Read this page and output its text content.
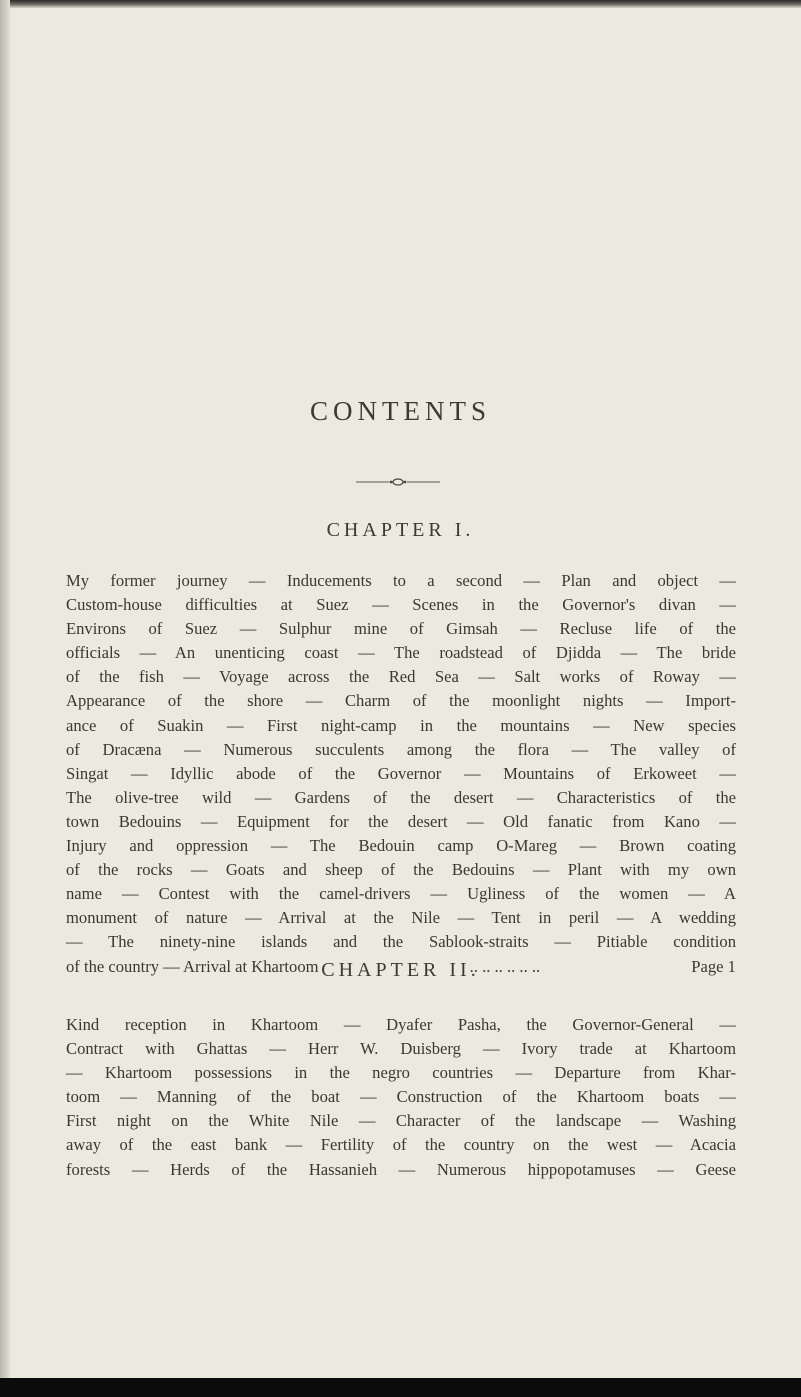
CONTENTS
CHAPTER I.
My former journey — Inducements to a second — Plan and object —
Custom-house difficulties at Suez — Scenes in the Governor's divan —
Environs of Suez — Sulphur mine of Gimsah — Recluse life of the
officials — An unenticing coast — The roadstead of Djidda — The bride
of the fish — Voyage across the Red Sea — Salt works of Roway —
Appearance of the shore — Charm of the moonlight nights — Import-
ance of Suakin — First night-camp in the mountains — New species
of Dracæna — Numerous succulents among the flora — The valley of
Singat — Idyllic abode of the Governor — Mountains of Erkoweet —
The olive-tree wild — Gardens of the desert — Characteristics of the
town Bedouins — Equipment for the desert — Old fanatic from Kano —
Injury and oppression — The Bedouin camp O-Mareg — Brown coating
of the rocks — Goats and sheep of the Bedouins — Plant with my own
name — Contest with the camel-drivers — Ugliness of the women — A
monument of nature — Arrival at the Nile — Tent in peril — A wedding
— The ninety-nine islands and the Sablook-straits — Pitiable condition
of the country — Arrival at Khartoom	.. .. .. .. .. ..	Page 1
CHAPTER II.
Kind reception in Khartoom — Dyafer Pasha, the Governor-General —
Contract with Ghattas — Herr W. Duisberg — Ivory trade at Khartoom
— Khartoom possessions in the negro countries — Departure from Khar-
toom — Manning of the boat — Construction of the Khartoom boats —
First night on the White Nile — Character of the landscape — Washing
away of the east bank — Fertility of the country on the west — Acacia
forests — Herds of the Hassanieh — Numerous hippopotamuses — Geese
